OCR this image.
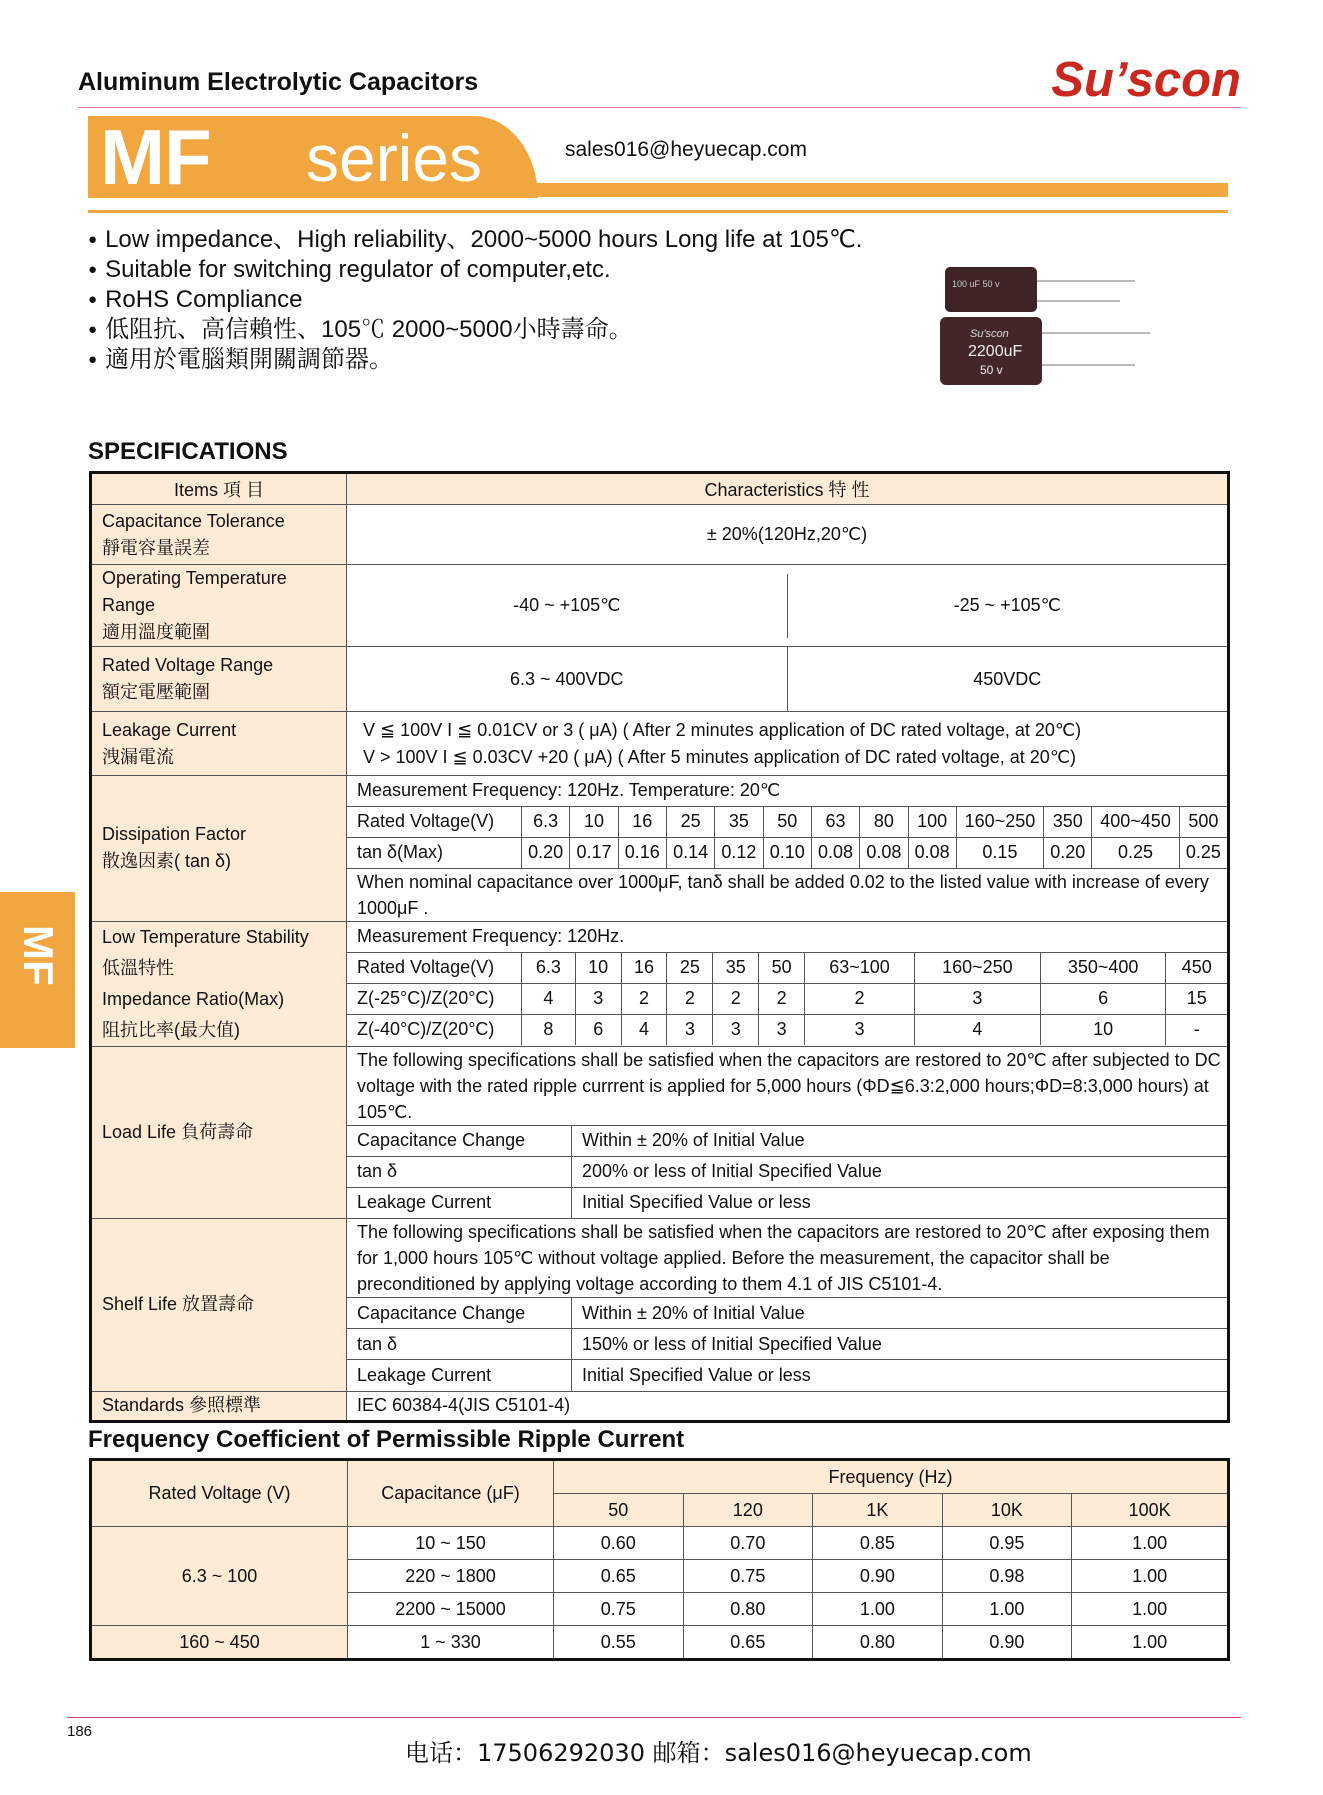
Aluminum Electrolytic Capacitors	Su’scon
MF series	sales016@heyuecap.com
● Low impedance、High reliability、2000~5000 hours Long life at 105℃.
● Suitable for switching regulator of computer,etc.
● RoHS Compliance
● 低阻抗、高信賴性、105℃ 2000~5000小時壽命。
● 適用於電腦類開關調節器。
100 uF 50 v
Su'scon
2200uF
50 v
SPECIFICATIONS
Items 項 目	Characteristics 特 性
Capacitance Tolerance
靜電容量誤差	± 20%(120Hz,20℃)
Operating Temperature Range
適用溫度範圍	
-40 ~ +105℃	-25 ~ +105℃

Rated Voltage Range
額定電壓範圍	
6.3 ~ 400VDC	450VDC

Leakage Current
洩漏電流	V ≦ 100V I ≦ 0.01CV or 3 ( μA) ( After 2 minutes application of DC rated voltage, at 20℃)
V > 100V I ≦ 0.03CV +20 ( μA) ( After 5 minutes application of DC rated voltage, at 20℃)
Dissipation Factor
散逸因素( tan δ)	
Measurement Frequency: 120Hz. Temperature: 20℃
Rated Voltage(V)	6.3	10	16	25	35	50	63	80	100	160~250	350	400~450	500
tan δ(Max)	0.20	0.17	0.16	0.14	0.12	0.10	0.08	0.08	0.08	0.15	0.20	0.25	0.25
When nominal capacitance over 1000μF, tanδ shall be added 0.02 to the listed value with increase of every 1000μF .

Low Temperature Stability
低溫特性
Impedance Ratio(Max)
阻抗比率(最大值)	
Measurement Frequency: 120Hz.
Rated Voltage(V)	6.3	10	16	25	35	50	63~100	160~250	350~400	450
Z(-25°C)/Z(20°C)	4	3	2	2	2	2	2	3	6	15
Z(-40°C)/Z(20°C)	8	6	4	3	3	3	3	4	10	-

Load Life 負荷壽命	
The following specifications shall be satisfied when the capacitors are restored to 20℃ after subjected to DC voltage with the rated ripple currrent is applied for 5,000 hours (ΦD≦6.3:2,000 hours;ΦD=8:3,000 hours) at 105℃.
Capacitance Change	Within ± 20% of Initial Value
tan δ	200% or less of Initial Specified Value
Leakage Current	Initial Specified Value or less

Shelf Life 放置壽命	
The following specifications shall be satisfied when the capacitors are restored to 20℃ after exposing them for 1,000 hours 105℃ without voltage applied. Before the measurement, the capacitor shall be preconditioned by applying voltage according to them 4.1 of JIS C5101-4.
Capacitance Change	Within ± 20% of Initial Value
tan δ	150% or less of Initial Specified Value
Leakage Current	Initial Specified Value or less

Standards 參照標準	IEC 60384-4(JIS C5101-4)
Frequency Coefficient of Permissible Ripple Current
Rated Voltage (V)	Capacitance (μF)	Frequency (Hz)				
		50	120	1K	10K	100K
6.3 ~ 100	10 ~ 150	0.60	0.70	0.85	0.95	1.00
	220 ~ 1800	0.65	0.75	0.90	0.98	1.00
	2200 ~ 15000	0.75	0.80	1.00	1.00	1.00
160 ~ 450	1 ~ 330	0.55	0.65	0.80	0.90	1.00
MF
186
电话：17506292030 邮箱：sales016@heyuecap.com
